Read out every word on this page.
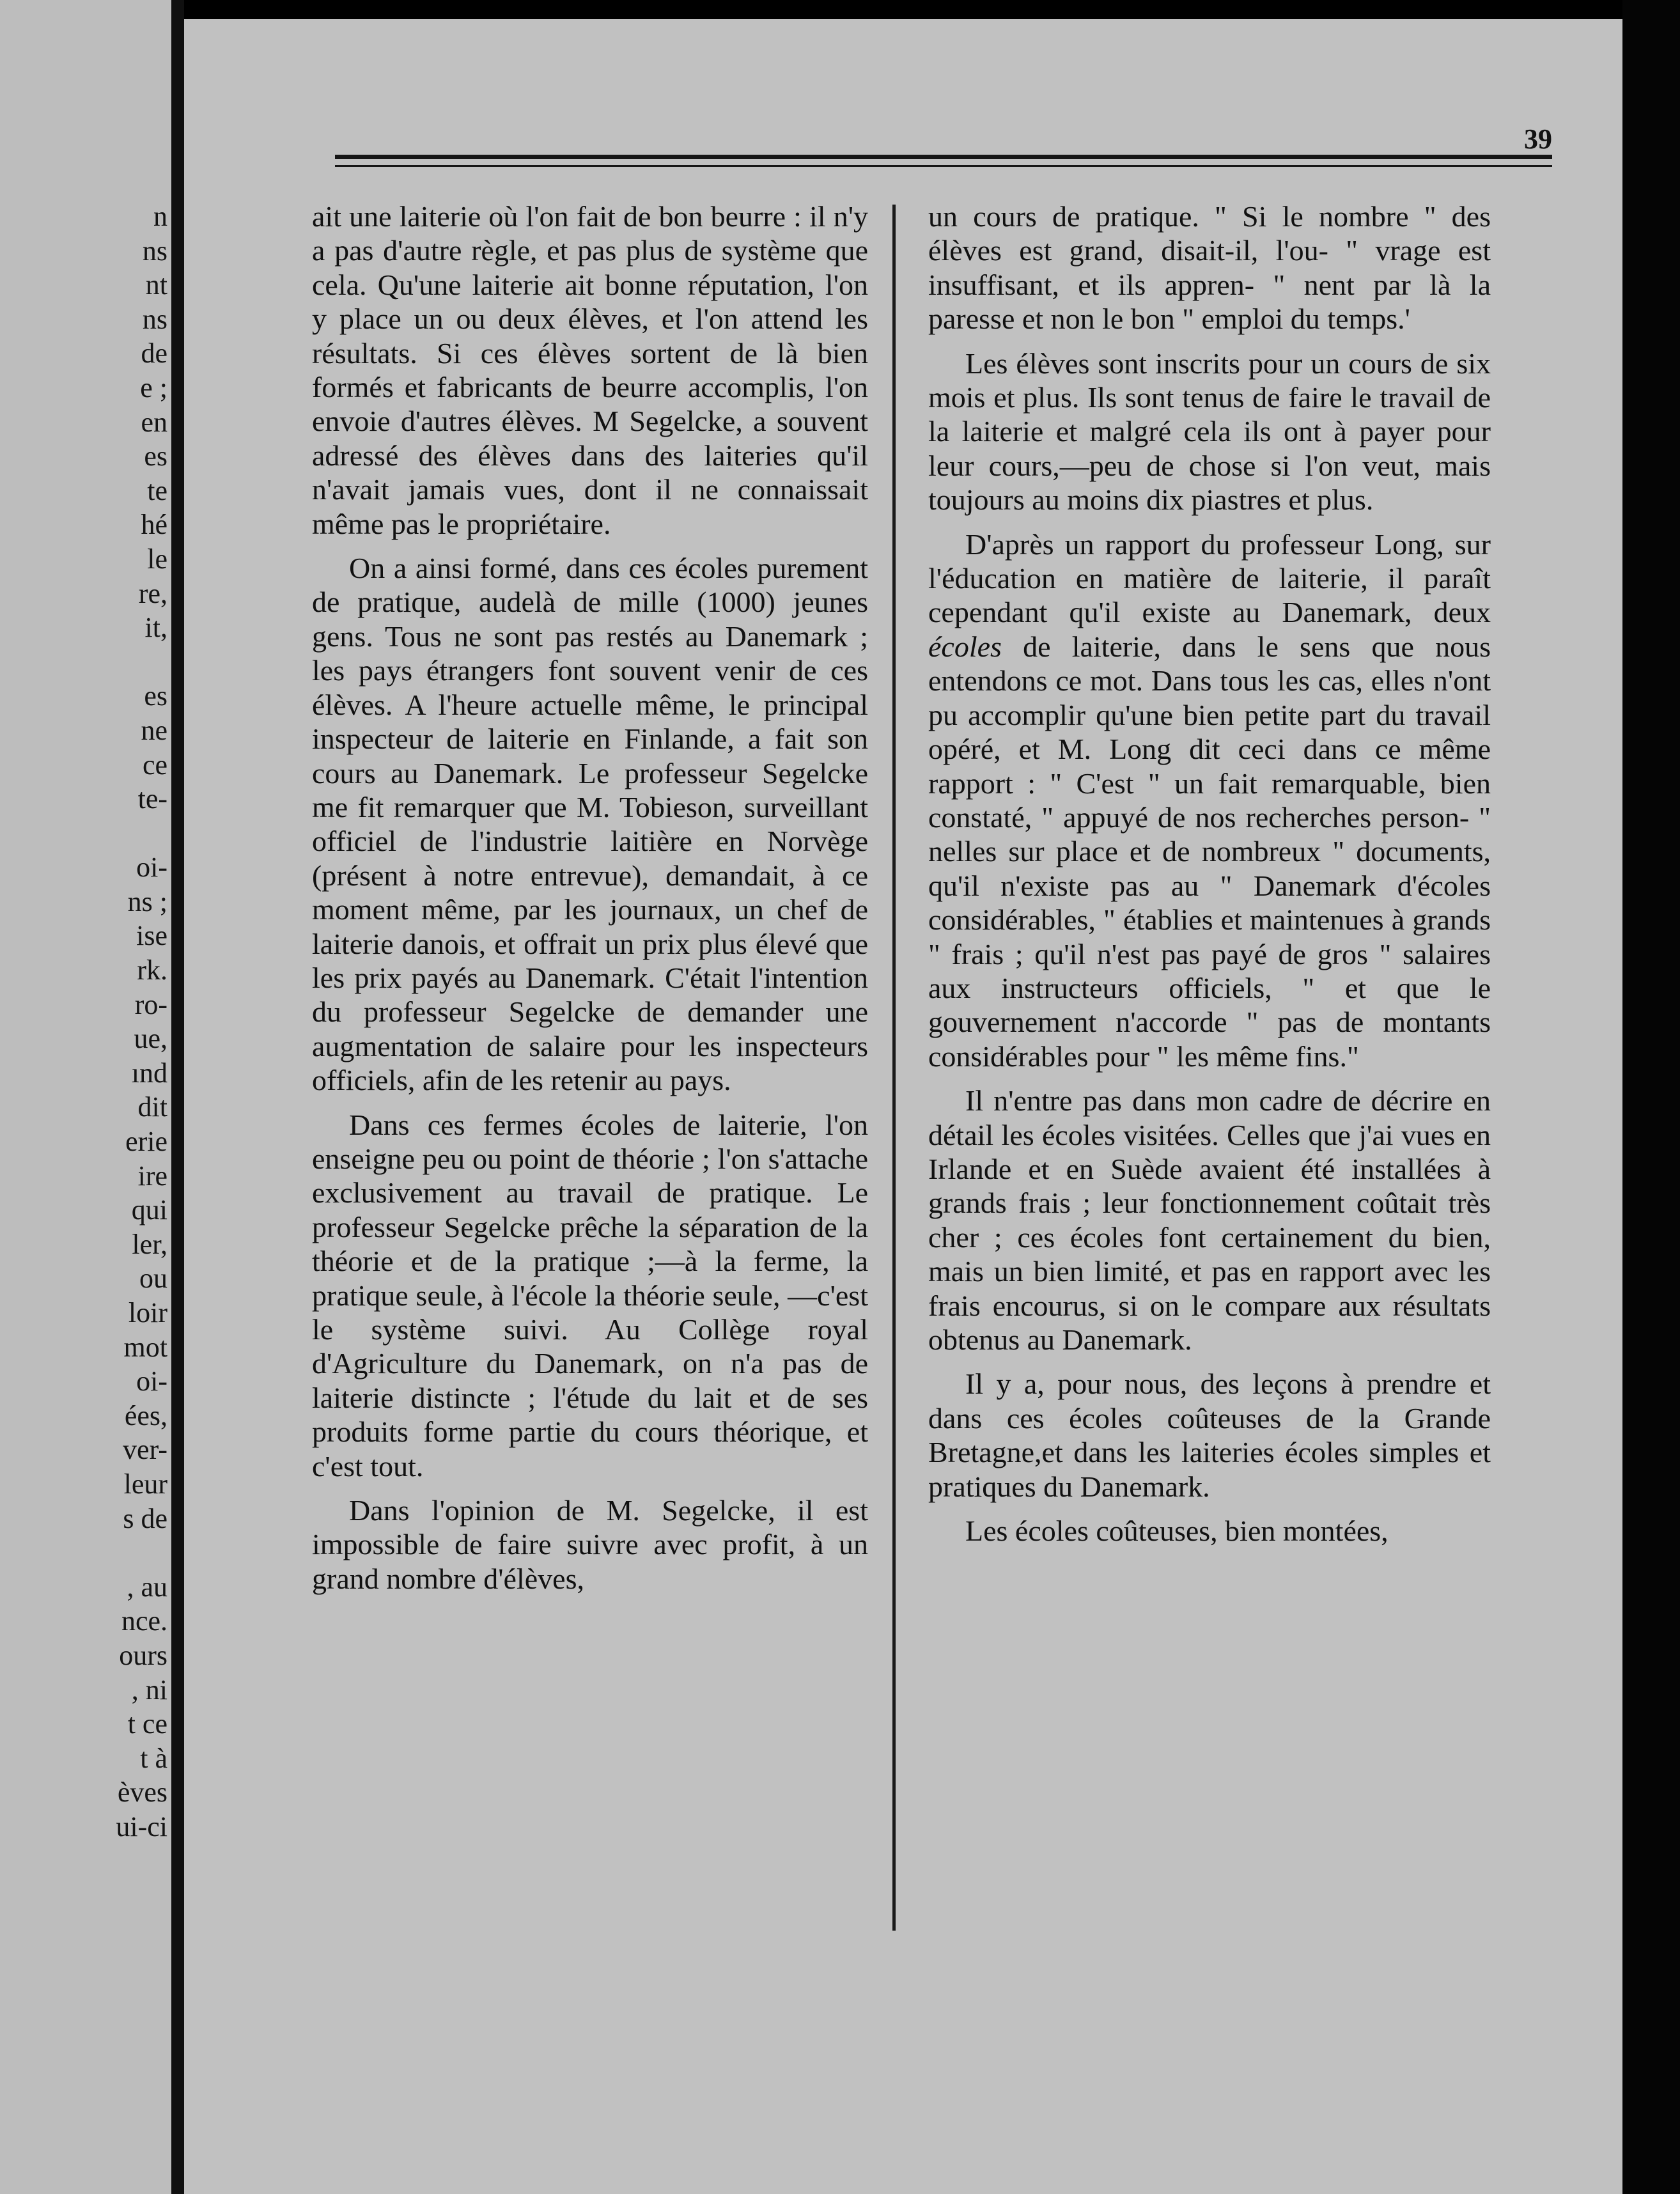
n
ns
nt
ns
de
e ;
en
es
te
hé
le
re,
it,

es
ne
ce
te-

oi-
ns ;
ise
rk.
ro-
ue,
ınd
dit
erie
ire
qui
ler,
ou
loir
mot
oi-
ées,
ver-
leur
s de

, au
nce.
ours
, ni
t ce
t à
èves
ui-ci
39

ait une laiterie où l'on fait de bon beurre : il n'y a pas d'autre règle, et pas plus de système que cela. Qu'une laiterie ait bonne réputation, l'on y place un ou deux élèves, et l'on attend les résultats. Si ces élèves sortent de là bien formés et fabricants de beurre accomplis, l'on envoie d'autres élèves. M Segelcke, a souvent adressé des élèves dans des laiteries qu'il n'avait jamais vues, dont il ne connaissait même pas le propriétaire.

On a ainsi formé, dans ces écoles purement de pratique, audelà de mille (1000) jeunes gens. Tous ne sont pas restés au Danemark ; les pays étrangers font souvent venir de ces élèves. A l'heure actuelle même, le principal inspecteur de laiterie en Finlande, a fait son cours au Danemark. Le professeur Segelcke me fit remarquer que M. Tobieson, surveillant officiel de l'industrie laitière en Norvège (présent à notre entrevue), demandait, à ce moment même, par les journaux, un chef de laiterie danois, et offrait un prix plus élevé que les prix payés au Danemark. C'était l'intention du professeur Segelcke de demander une augmentation de salaire pour les inspecteurs officiels, afin de les retenir au pays.

Dans ces fermes écoles de laiterie, l'on enseigne peu ou point de théorie ; l'on s'attache exclusivement au travail de pratique. Le professeur Segelcke prêche la séparation de la théorie et de la pratique ;—à la ferme, la pratique seule, à l'école la théorie seule, —c'est le système suivi. Au Collège royal d'Agriculture du Danemark, on n'a pas de laiterie distincte ; l'étude du lait et de ses produits forme partie du cours théorique, et c'est tout.

Dans l'opinion de M. Segelcke, il est impossible de faire suivre avec profit, à un grand nombre d'élèves,

un cours de pratique. " Si le nombre " des élèves est grand, disait-il, l'ou- " vrage est insuffisant, et ils appren- " nent par là la paresse et non le bon " emploi du temps.'

Les élèves sont inscrits pour un cours de six mois et plus. Ils sont tenus de faire le travail de la laiterie et malgré cela ils ont à payer pour leur cours,—peu de chose si l'on veut, mais toujours au moins dix piastres et plus.

D'après un rapport du professeur Long, sur l'éducation en matière de laiterie, il paraît cependant qu'il existe au Danemark, deux écoles de laiterie, dans le sens que nous entendons ce mot. Dans tous les cas, elles n'ont pu accomplir qu'une bien petite part du travail opéré, et M. Long dit ceci dans ce même rapport : " C'est " un fait remarquable, bien constaté, " appuyé de nos recherches person- " nelles sur place et de nombreux " documents, qu'il n'existe pas au " Danemark d'écoles considérables, " établies et maintenues à grands " frais ; qu'il n'est pas payé de gros " salaires aux instructeurs officiels, " et que le gouvernement n'accorde " pas de montants considérables pour " les même fins."

Il n'entre pas dans mon cadre de décrire en détail les écoles visitées. Celles que j'ai vues en Irlande et en Suède avaient été installées à grands frais ; leur fonctionnement coûtait très cher ; ces écoles font certainement du bien, mais un bien limité, et pas en rapport avec les frais encourus, si on le compare aux résultats obtenus au Danemark.

Il y a, pour nous, des leçons à prendre et dans ces écoles coûteuses de la Grande Bretagne,et dans les laiteries écoles simples et pratiques du Danemark.

Les écoles coûteuses, bien montées,
